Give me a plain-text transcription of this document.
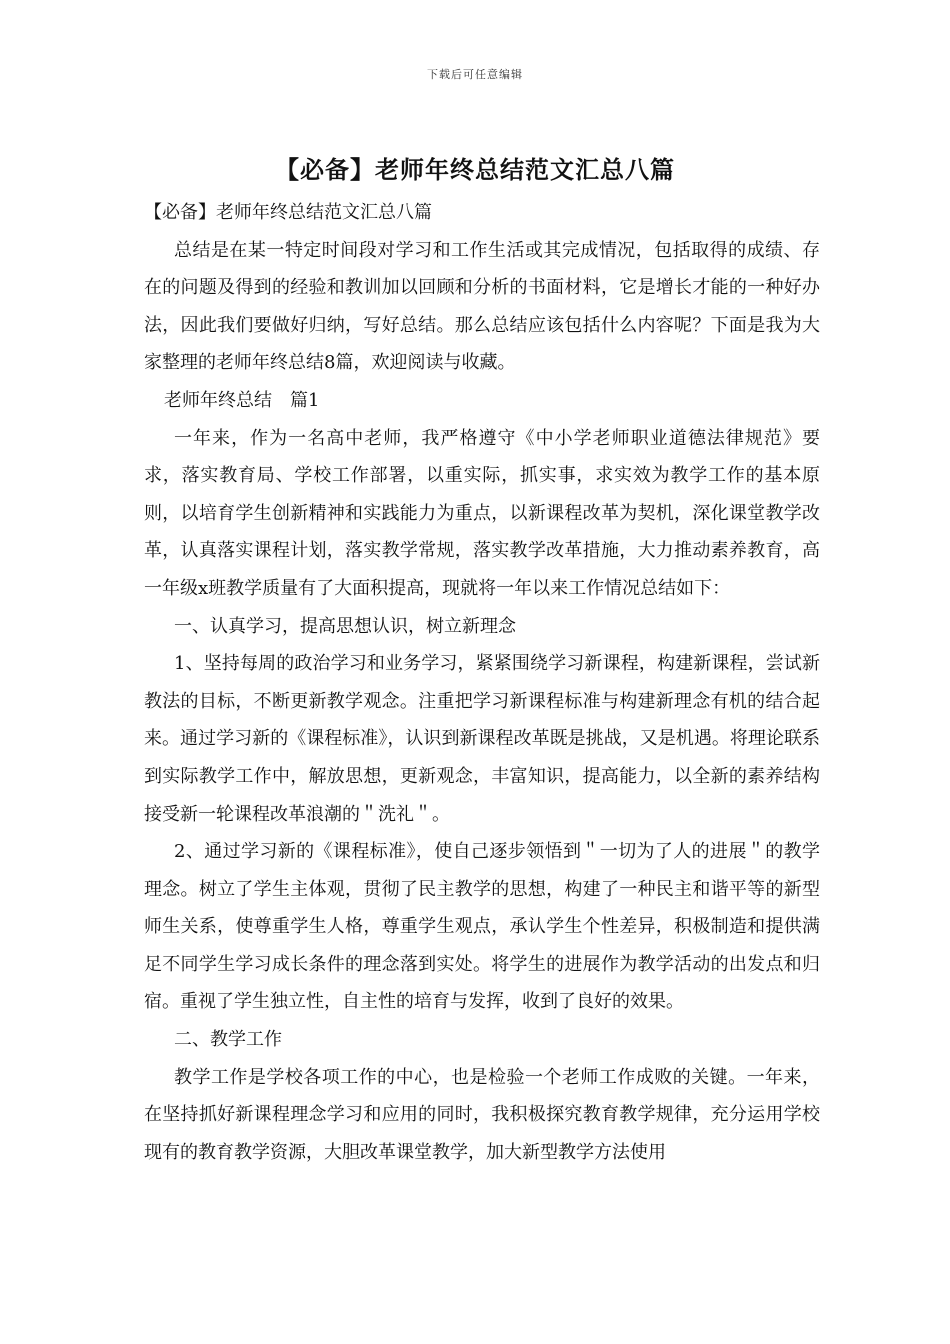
下载后可任意编辑
【必备】老师年终总结范文汇总八篇

【必备】老师年终总结范文汇总八篇

总结是在某一特定时间段对学习和工作生活或其完成情况，包括取得的成绩、存在的问题及得到的经验和教训加以回顾和分析的书面材料，它是增长才能的一种好办法，因此我们要做好归纳，写好总结。那么总结应该包括什么内容呢？下面是我为大家整理的老师年终总结8篇，欢迎阅读与收藏。

老师年终总结　篇1

一年来，作为一名高中老师，我严格遵守《中小学老师职业道德法律规范》要求，落实教育局、学校工作部署，以重实际，抓实事，求实效为教学工作的基本原则，以培育学生创新精神和实践能力为重点，以新课程改革为契机，深化课堂教学改革，认真落实课程计划，落实教学常规，落实教学改革措施，大力推动素养教育，高一年级x班教学质量有了大面积提高，现就将一年以来工作情况总结如下：

一、认真学习，提高思想认识，树立新理念

1、坚持每周的政治学习和业务学习，紧紧围绕学习新课程，构建新课程，尝试新教法的目标，不断更新教学观念。注重把学习新课程标准与构建新理念有机的结合起来。通过学习新的《课程标准》，认识到新课程改革既是挑战，又是机遇。将理论联系到实际教学工作中，解放思想，更新观念，丰富知识，提高能力，以全新的素养结构接受新一轮课程改革浪潮的＂洗礼＂。

2、通过学习新的《课程标准》，使自己逐步领悟到＂一切为了人的进展＂的教学理念。树立了学生主体观，贯彻了民主教学的思想，构建了一种民主和谐平等的新型师生关系，使尊重学生人格，尊重学生观点，承认学生个性差异，积极制造和提供满足不同学生学习成长条件的理念落到实处。将学生的进展作为教学活动的出发点和归宿。重视了学生独立性，自主性的培育与发挥，收到了良好的效果。

二、教学工作

教学工作是学校各项工作的中心，也是检验一个老师工作成败的关键。一年来，在坚持抓好新课程理念学习和应用的同时，我积极探究教育教学规律，充分运用学校现有的教育教学资源，大胆改革课堂教学，加大新型教学方法使用
